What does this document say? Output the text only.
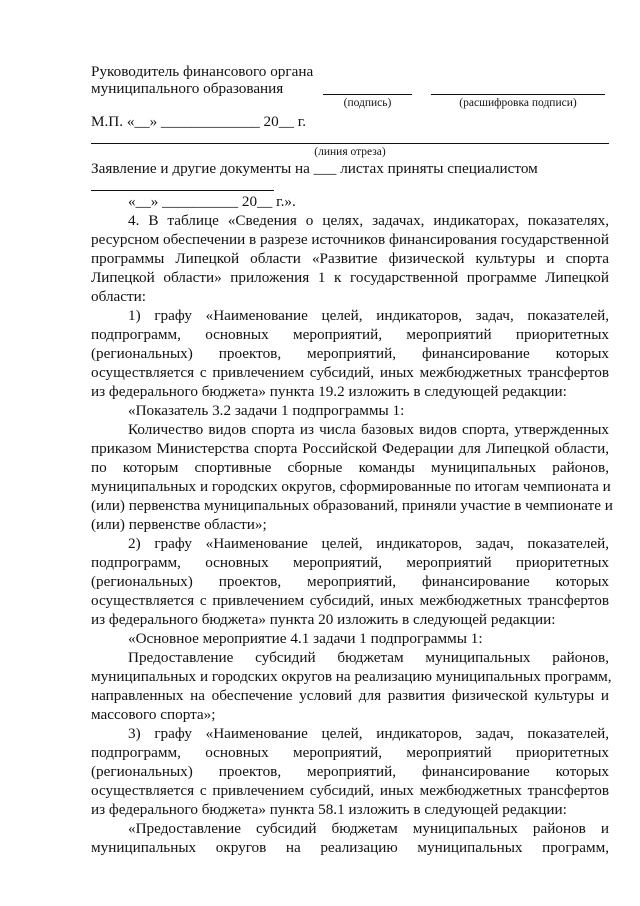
Руководитель финансового органа
муниципального образования
(подпись)	(расшифровка подписи)
М.П. «__» _____________ 20__ г.
(линия отреза)
Заявление и другие документы на ___ листах приняты специалистом
«__» __________ 20__ г.».
4. В таблице «Сведения о целях, задачах, индикаторах, показателях,
ресурсном обеспечении в разрезе источников финансирования государственной
программы Липецкой области «Развитие физической культуры и спорта
Липецкой области» приложения 1 к государственной программе Липецкой
области:
1) графу «Наименование целей, индикаторов, задач, показателей,
подпрограмм, основных мероприятий, мероприятий приоритетных
(региональных) проектов, мероприятий, финансирование которых
осуществляется с привлечением субсидий, иных межбюджетных трансфертов
из федерального бюджета» пункта 19.2 изложить в следующей редакции:
«Показатель 3.2 задачи 1 подпрограммы 1:
Количество видов спорта из числа базовых видов спорта, утвержденных
приказом Министерства спорта Российской Федерации для Липецкой области,
по которым спортивные сборные команды муниципальных районов,
муниципальных и городских округов, сформированные по итогам чемпионата и
(или) первенства муниципальных образований, приняли участие в чемпионате и
(или) первенстве области»;
2) графу «Наименование целей, индикаторов, задач, показателей,
подпрограмм, основных мероприятий, мероприятий приоритетных
(региональных) проектов, мероприятий, финансирование которых
осуществляется с привлечением субсидий, иных межбюджетных трансфертов
из федерального бюджета» пункта 20 изложить в следующей редакции:
«Основное мероприятие 4.1 задачи 1 подпрограммы 1:
Предоставление субсидий бюджетам муниципальных районов,
муниципальных и городских округов на реализацию муниципальных программ,
направленных на обеспечение условий для развития физической культуры и
массового спорта»;
3) графу «Наименование целей, индикаторов, задач, показателей,
подпрограмм, основных мероприятий, мероприятий приоритетных
(региональных) проектов, мероприятий, финансирование которых
осуществляется с привлечением субсидий, иных межбюджетных трансфертов
из федерального бюджета» пункта 58.1 изложить в следующей редакции:
«Предоставление субсидий бюджетам муниципальных районов и
муниципальных округов на реализацию муниципальных программ,
